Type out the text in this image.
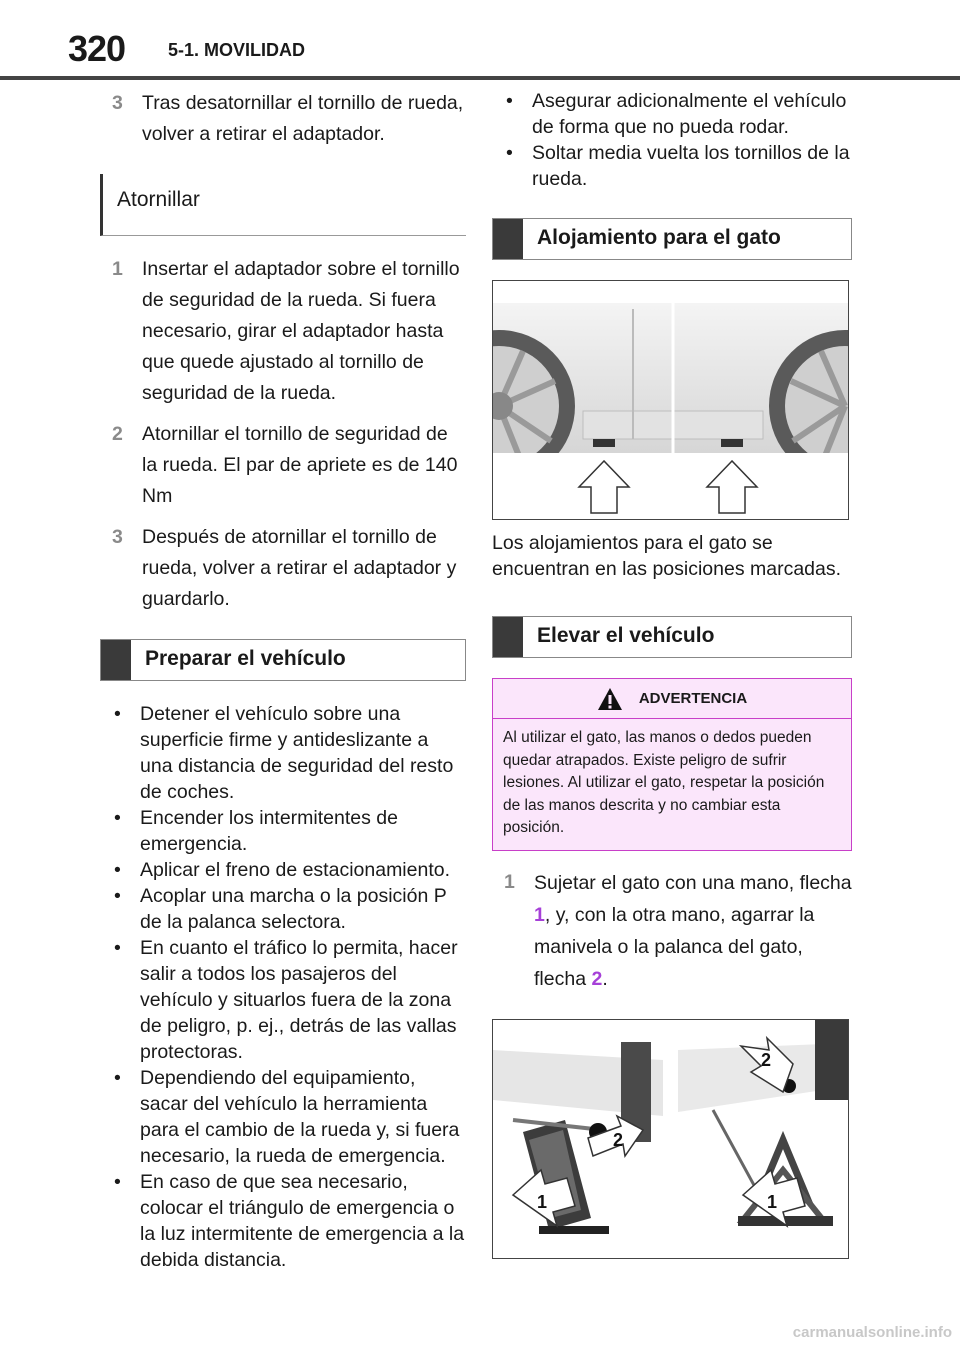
320 5-1. MOVILIDAD
3 Tras desatornillar el tornillo de rueda, volver a retirar el adaptador.
Atornillar
1 Insertar el adaptador sobre el tornillo de seguridad de la rueda. Si fuera necesario, girar el adaptador hasta que quede ajustado al tornillo de seguridad de la rueda.
2 Atornillar el tornillo de seguridad de la rueda. El par de apriete es de 140 Nm
3 Después de atornillar el tornillo de rueda, volver a retirar el adaptador y guardarlo.
Preparar el vehículo
• Detener el vehículo sobre una superficie firme y antideslizante a una distancia de seguridad del resto de coches.
• Encender los intermitentes de emergencia.
• Aplicar el freno de estacionamiento.
• Acoplar una marcha o la posición P de la palanca selectora.
• En cuanto el tráfico lo permita, hacer salir a todos los pasajeros del vehículo y situarlos fuera de la zona de peligro, p. ej., detrás de las vallas protectoras.
• Dependiendo del equipamiento, sacar del vehículo la herramienta para el cambio de la rueda y, si fuera necesario, la rueda de emergencia.
• En caso de que sea necesario, colocar el triángulo de emergencia o la luz intermitente de emergencia a la debida distancia.
• Asegurar adicionalmente el vehículo de forma que no pueda rodar.
• Soltar media vuelta los tornillos de la rueda.
Alojamiento para el gato
Los alojamientos para el gato se encuentran en las posiciones marcadas.
Elevar el vehículo
ADVERTENCIA
Al utilizar el gato, las manos o dedos pueden quedar atrapados. Existe peligro de sufrir lesiones. Al utilizar el gato, respetar la posición de las manos descrita y no cambiar esta posición.
1 Sujetar el gato con una mano, flecha 1, y, con la otra mano, agarrar la manivela o la palanca del gato, flecha 2.
1	1
2
2
carmanualsonline.info
